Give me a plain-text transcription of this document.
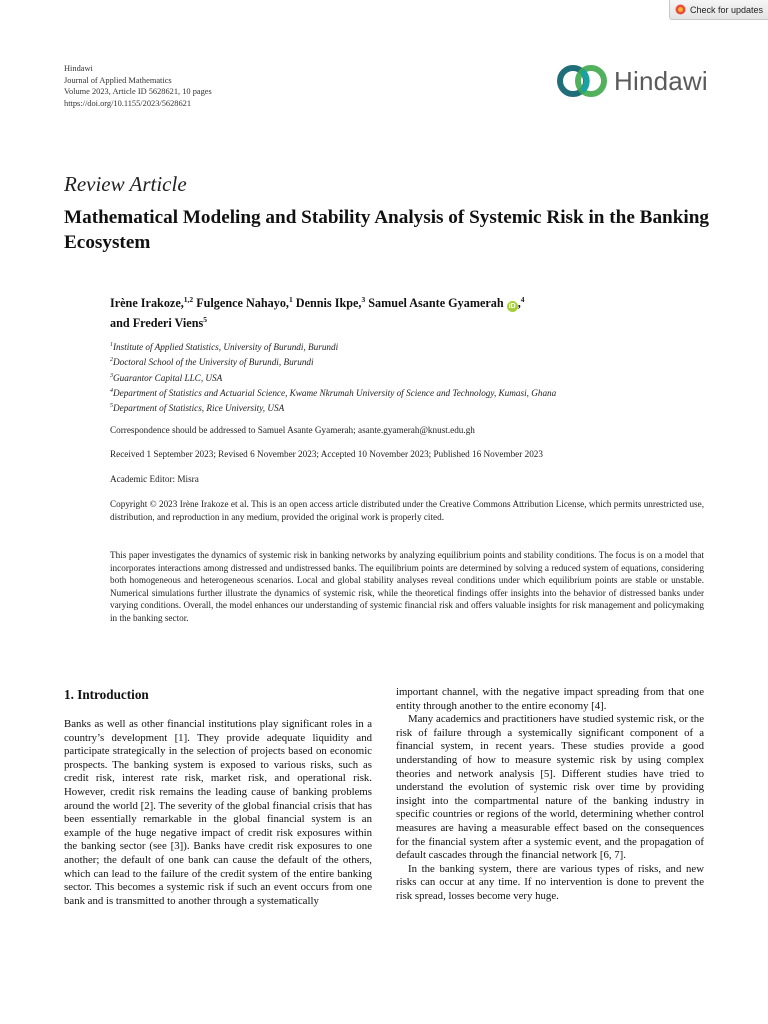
Check for updates
Hindawi
Journal of Applied Mathematics
Volume 2023, Article ID 5628621, 10 pages
https://doi.org/10.1155/2023/5628621
Hindawi
Review Article
Mathematical Modeling and Stability Analysis of Systemic Risk in the Banking Ecosystem
Irène Irakoze,$^{1,2}$ Fulgence Nahayo,$^1$ Dennis Ikpe,$^3$ Samuel Asante Gyamerah iD ,$^4$
and Frederi Viens$^5$
$^1$Institute of Applied Statistics, University of Burundi, Burundi
$^2$Doctoral School of the University of Burundi, Burundi
$^3$Guarantor Capital LLC, USA
$^4$Department of Statistics and Actuarial Science, Kwame Nkrumah University of Science and Technology, Kumasi, Ghana
$^5$Department of Statistics, Rice University, USA
Correspondence should be addressed to Samuel Asante Gyamerah; asante.gyamerah@knust.edu.gh
Received 1 September 2023; Revised 6 November 2023; Accepted 10 November 2023; Published 16 November 2023
Academic Editor: Misra
Copyright © 2023 Irène Irakoze et al. This is an open access article distributed under the Creative Commons Attribution License, which permits unrestricted use, distribution, and reproduction in any medium, provided the original work is properly cited.
This paper investigates the dynamics of systemic risk in banking networks by analyzing equilibrium points and stability conditions. The focus is on a model that incorporates interactions among distressed and undistressed banks. The equilibrium points are determined by solving a reduced system of equations, considering both homogeneous and heterogeneous scenarios. Local and global stability analyses reveal conditions under which equilibrium points are stable or unstable. Numerical simulations further illustrate the dynamics of systemic risk, while the theoretical findings offer insights into the behavior of distressed banks under varying conditions. Overall, the model enhances our understanding of systemic financial risk and offers valuable insights for risk management and policymaking in the banking sector.
1. Introduction

Banks as well as other financial institutions play significant roles in a country’s development [1]. They provide adequate liquidity and participate strategically in the selection of projects based on economic prospects. The banking system is exposed to various risks, such as credit risk, interest rate risk, market risk, and operational risk. However, credit risk remains the leading cause of banking problems around the world [2]. The severity of the global financial crisis that has been essentially remarkable in the global financial system is an example of the huge negative impact of credit risk exposures within the banking sector (see [3]). Banks have credit risk exposures to one another; the default of one bank can cause the default of the others, which can lead to the failure of the credit system of the entire banking sector. This becomes a systemic risk if such an event occurs from one bank and is transmitted to another through a systematically

important channel, with the negative impact spreading from that one entity through another to the entire economy [4].

Many academics and practitioners have studied systemic risk, or the risk of failure through a systemically significant component of a financial system, in recent years. These studies provide a good understanding of how to measure systemic risk by using complex theories and network analysis [5]. Different studies have tried to understand the evolution of systemic risk over time by providing insight into the compartmental nature of the banking industry in specific countries or regions of the world, determining whether control measures are having a measurable effect based on the consequences for the financial system after a systemic event, and the propagation of default cascades through the financial network [6, 7].

In the banking system, there are various types of risks, and new risks can occur at any time. If no intervention is done to prevent the risk spread, losses become very huge.
